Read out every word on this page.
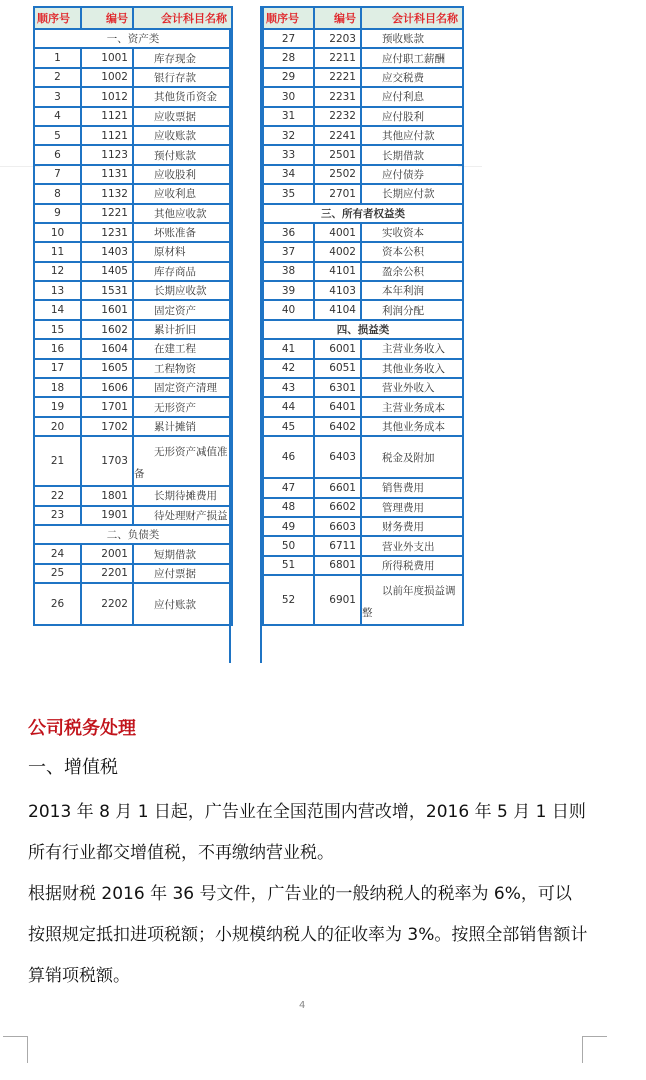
顺序号	编号	会计科目名称
一、资产类		
1	1001	库存现金
2	1002	银行存款
3	1012	其他货币资金
4	1121	应收票据
5	1121	应收账款
6	1123	预付账款
7	1131	应收股利
8	1132	应收利息
9	1221	其他应收款
10	1231	坏账准备
11	1403	原材料
12	1405	库存商品
13	1531	长期应收款
14	1601	固定资产
15	1602	累计折旧
16	1604	在建工程
17	1605	工程物资
18	1606	固定资产清理
19	1701	无形资产
20	1702	累计摊销
21	1703	无形资产减值准
备
22	1801	长期待摊费用
23	1901	待处理财产损益
二、负债类		
24	2001	短期借款
25	2201	应付票据
26	2202	应付账款
顺序号	编号	会计科目名称
27	2203	预收账款
28	2211	应付职工薪酬
29	2221	应交税费
30	2231	应付利息
31	2232	应付股利
32	2241	其他应付款
33	2501	长期借款
34	2502	应付债券
35	2701	长期应付款
三、所有者权益类		
36	4001	实收资本
37	4002	资本公积
38	4101	盈余公积
39	4103	本年利润
40	4104	利润分配
四、损益类		
41	6001	主营业务收入
42	6051	其他业务收入
43	6301	营业外收入
44	6401	主营业务成本
45	6402	其他业务成本
46	6403	税金及附加
47	6601	销售费用
48	6602	管理费用
49	6603	财务费用
50	6711	营业外支出
51	6801	所得税费用
52	6901	以前年度损益调
整
公司税务处理
一、增值税

2013 年 8 月 1 日起，广告业在全国范围内营改增，2016 年 5 月 1 日则所有行业都交增值税，不再缴纳营业税。

根据财税 2016 年 36 号文件，广告业的一般纳税人的税率为 6%，可以按照规定抵扣进项税额；小规模纳税人的征收率为 3%。按照全部销售额计算销项税额。

4
